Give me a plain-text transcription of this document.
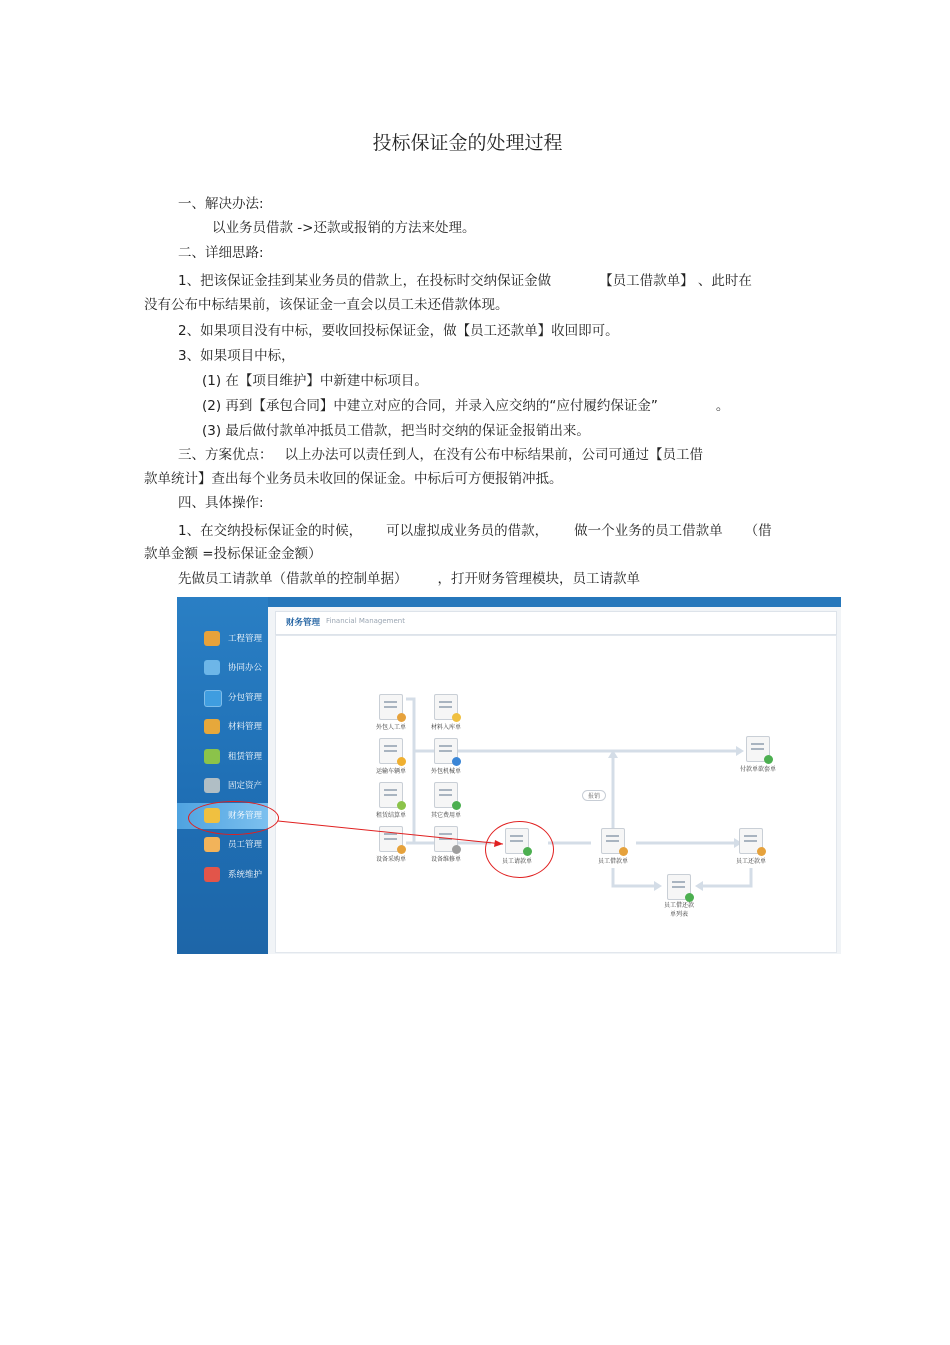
投标保证金的处理过程
一、解决办法:
以业务员借款 ->还款或报销的方法来处理。
二、详细思路:
1、把该保证金挂到某业务员的借款上，在投标时交纳保证金做	【员工借款单】 、此时在
没有公布中标结果前，该保证金一直会以员工未还借款体现。
2、如果项目没有中标，要收回投标保证金，做【员工还款单】收回即可。
3、如果项目中标，
(1) 在【项目维护】中新建中标项目。
(2) 再到【承包合同】中建立对应的合同，并录入应交纳的“应付履约保证金”	。
(3) 最后做付款单冲抵员工借款，把当时交纳的保证金报销出来。
三、方案优点： 以上办法可以责任到人，在没有公布中标结果前，公司可通过【员工借
款单统计】查出每个业务员未收回的保证金。中标后可方便报销冲抵。
四、具体操作:
1、在交纳投标保证金的时候， 可以虚拟成业务员的借款， 做一个业务的员工借款单 （借
款单金额 =投标保证金金额）
先做员工请款单（借款单的控制单据） ，打开财务管理模块，员工请款单
工程管理
协同办公
分包管理
材料管理
租赁管理
固定资产
财务管理
员工管理
系统维护
财务管理 Financial Management
外包人工单	材料入库单
运输车辆单	外包机械单
租赁结算单	其它费用单
设备采购单	设备维修单	员工请款单	员工借款单	员工还款单
付款单欲套单
员工借还款
单列表
报销
